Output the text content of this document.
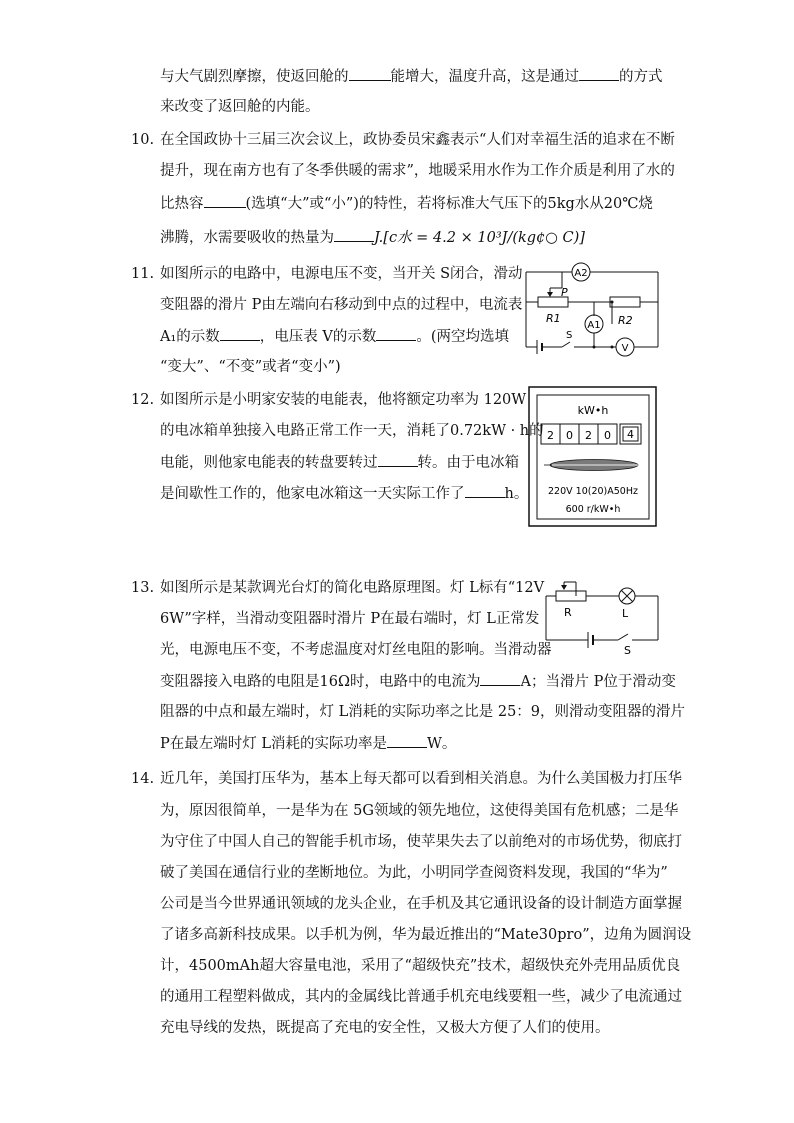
与大气剧烈摩擦，使返回舱的	能增大，温度升高，这是通过	的方式
来改变了返回舱的内能。
10. 在全国政协十三届三次会议上，政协委员宋鑫表示“人们对幸福生活的追求在不断
提升，现在南方也有了冬季供暖的需求”，地暖采用水作为工作介质是利用了水的
比热容	(选填“大”或“小”)的特性，若将标准大气压下的5kg水从20℃烧
沸腾，水需要吸收的热量为	J.[c水 = 4.2 × 10³J/(kg¢○ C)]
11. 如图所示的电路中，电源电压不变，当开关 S闭合，滑动
变阻器的滑片 P由左端向右移动到中点的过程中，电流表
A₁的示数	，电压表 V的示数	。(两空均选填
“变大”、“不变”或者“变小”)
A2
A1
V
P
R1	R2
S
12. 如图所示是小明家安装的电能表，他将额定功率为 120W
的电冰箱单独接入电路正常工作一天，消耗了0.72kW · h的
电能，则他家电能表的转盘要转过	转。由于电冰箱
是间歇性工作的，他家电冰箱这一天实际工作了	h。
kW•h
2 0 2 0 4
220V 10(20)A50Hz
600 r/kW•h
13. 如图所示是某款调光台灯的简化电路原理图。灯 L标有“12V
6W”字样，当滑动变阻器时滑片 P在最右端时，灯 L正常发
光，电源电压不变，不考虑温度对灯丝电阻的影响。当滑动器
变阻器接入电路的电阻是16Ω时，电路中的电流为	A；当滑片 P位于滑动变
阻器的中点和最左端时，灯 L消耗的实际功率之比是 25：9，则滑动变阻器的滑片
P在最左端时灯 L消耗的实际功率是	W。
R	L
S
14. 近几年，美国打压华为，基本上每天都可以看到相关消息。为什么美国极力打压华
为，原因很简单，一是华为在 5G领域的领先地位，这使得美国有危机感；二是华
为守住了中国人自己的智能手机市场，使苹果失去了以前绝对的市场优势，彻底打
破了美国在通信行业的垄断地位。为此，小明同学查阅资料发现，我国的“华为”
公司是当今世界通讯领域的龙头企业，在手机及其它通讯设备的设计制造方面掌握
了诸多高新科技成果。以手机为例，华为最近推出的“Mate30pro”，边角为圆润设
计，4500mAh超大容量电池，采用了“超级快充”技术，超级快充外壳用品质优良
的通用工程塑料做成，其内的金属线比普通手机充电线要粗一些，减少了电流通过
充电导线的发热，既提高了充电的安全性，又极大方便了人们的使用。
